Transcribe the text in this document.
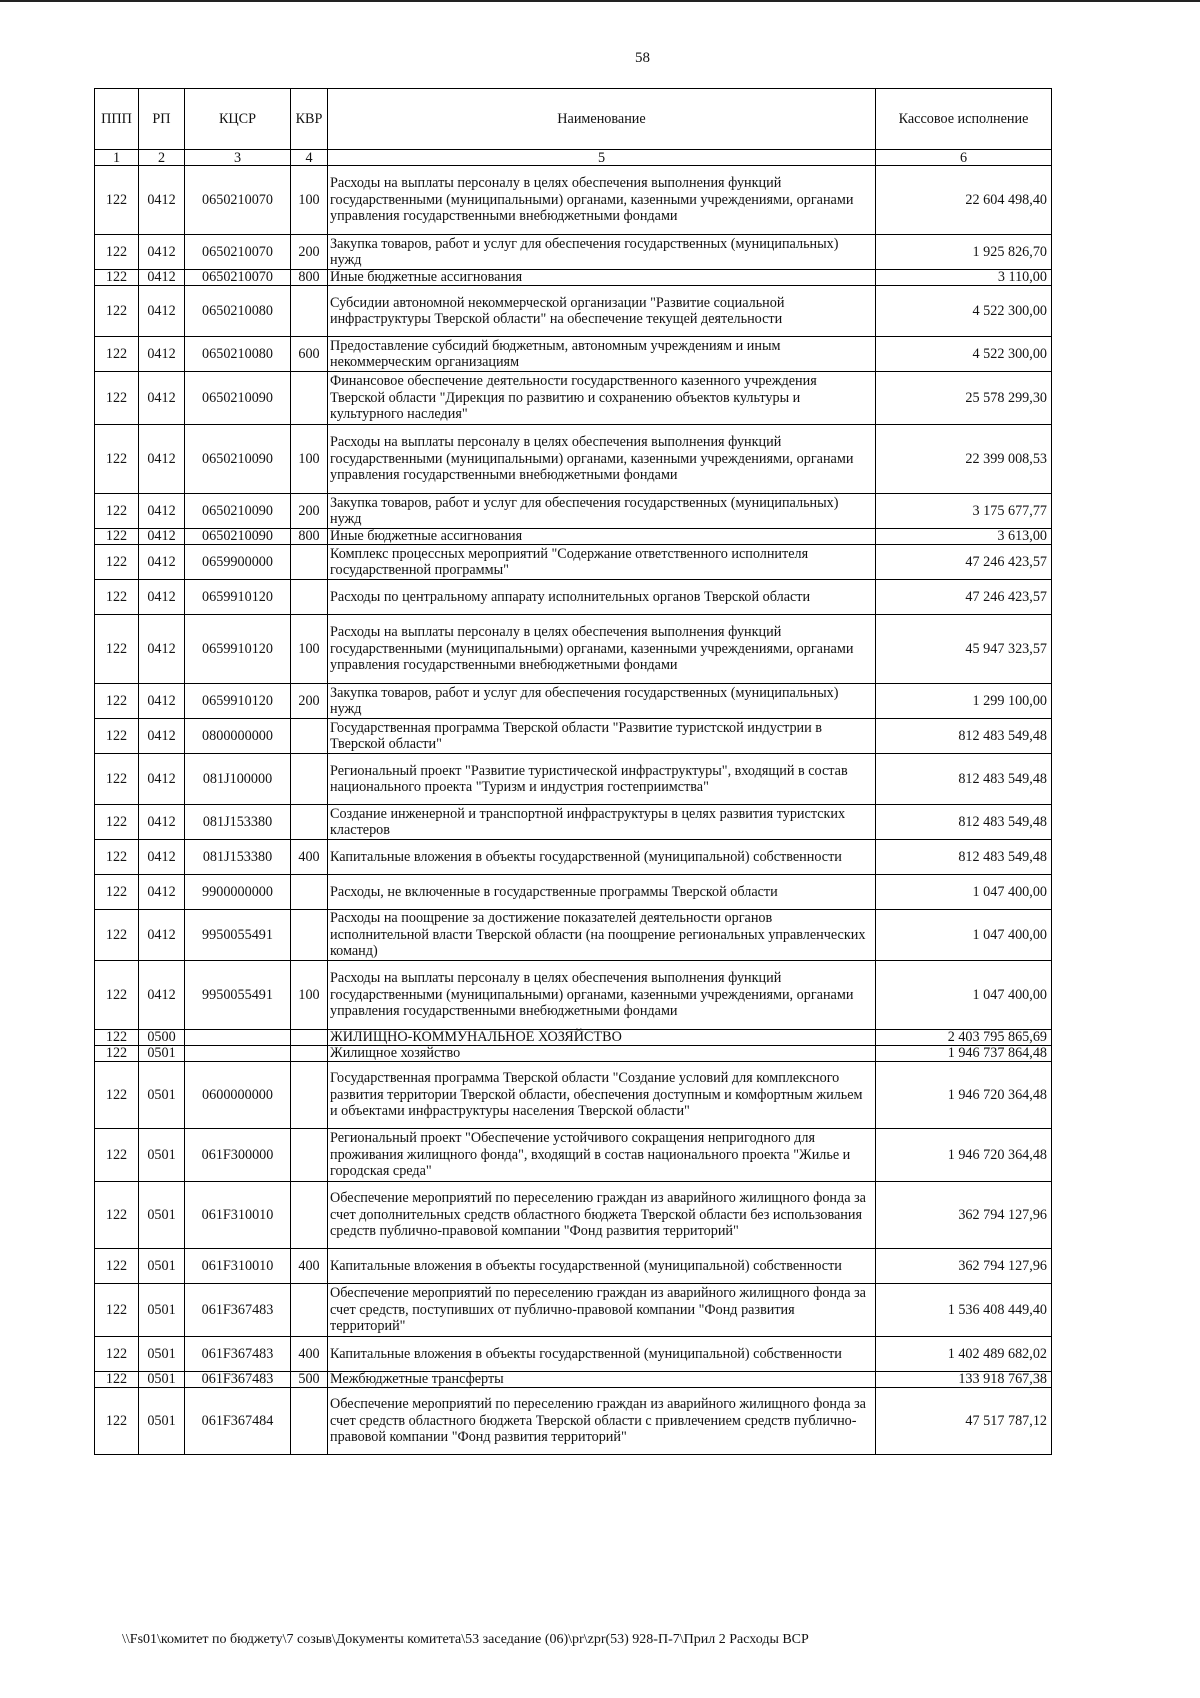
58
ППП	РП	КЦСР	КВР	Наименование	Кассовое исполнение
1	2	3	4	5	6
122	0412	0650210070	100	Расходы на выплаты персоналу в целях обеспечения выполнения функций государственными (муниципальными) органами, казенными учреждениями, органами управления государственными внебюджетными фондами	22 604 498,40
122	0412	0650210070	200	Закупка товаров, работ и услуг для обеспечения государственных (муниципальных) нужд	1 925 826,70
122	0412	0650210070	800	Иные бюджетные ассигнования	3 110,00
122	0412	0650210080		Субсидии автономной некоммерческой организации "Развитие социальной инфраструктуры Тверской области" на обеспечение текущей деятельности	4 522 300,00
122	0412	0650210080	600	Предоставление субсидий бюджетным, автономным учреждениям и иным некоммерческим организациям	4 522 300,00
122	0412	0650210090		Финансовое обеспечение деятельности государственного казенного учреждения Тверской области "Дирекция по развитию и сохранению объектов культуры и культурного наследия"	25 578 299,30
122	0412	0650210090	100	Расходы на выплаты персоналу в целях обеспечения выполнения функций государственными (муниципальными) органами, казенными учреждениями, органами управления государственными внебюджетными фондами	22 399 008,53
122	0412	0650210090	200	Закупка товаров, работ и услуг для обеспечения государственных (муниципальных) нужд	3 175 677,77
122	0412	0650210090	800	Иные бюджетные ассигнования	3 613,00
122	0412	0659900000		Комплекс процессных мероприятий "Содержание ответственного исполнителя государственной программы"	47 246 423,57
122	0412	0659910120		Расходы по центральному аппарату исполнительных органов Тверской области	47 246 423,57
122	0412	0659910120	100	Расходы на выплаты персоналу в целях обеспечения выполнения функций государственными (муниципальными) органами, казенными учреждениями, органами управления государственными внебюджетными фондами	45 947 323,57
122	0412	0659910120	200	Закупка товаров, работ и услуг для обеспечения государственных (муниципальных) нужд	1 299 100,00
122	0412	0800000000		Государственная программа Тверской области "Развитие туристской индустрии в Тверской области"	812 483 549,48
122	0412	081J100000		Региональный проект "Развитие туристической инфраструктуры", входящий в состав национального проекта "Туризм и индустрия гостеприимства"	812 483 549,48
122	0412	081J153380		Создание инженерной и транспортной инфраструктуры в целях развития туристских кластеров	812 483 549,48
122	0412	081J153380	400	Капитальные вложения в объекты государственной (муниципальной) собственности	812 483 549,48
122	0412	9900000000		Расходы, не включенные в государственные программы Тверской области	1 047 400,00
122	0412	9950055491		Расходы на поощрение за достижение показателей деятельности органов исполнительной власти Тверской области (на поощрение региональных управленческих команд)	1 047 400,00
122	0412	9950055491	100	Расходы на выплаты персоналу в целях обеспечения выполнения функций государственными (муниципальными) органами, казенными учреждениями, органами управления государственными внебюджетными фондами	1 047 400,00
122	0500			ЖИЛИЩНО-КОММУНАЛЬНОЕ ХОЗЯЙСТВО	2 403 795 865,69
122	0501			Жилищное хозяйство	1 946 737 864,48
122	0501	0600000000		Государственная программа Тверской области "Создание условий для комплексного развития территории Тверской области, обеспечения доступным и комфортным жильем и объектами инфраструктуры населения Тверской области"	1 946 720 364,48
122	0501	061F300000		Региональный проект "Обеспечение устойчивого сокращения непригодного для проживания жилищного фонда", входящий в состав национального проекта "Жилье и городская среда"	1 946 720 364,48
122	0501	061F310010		Обеспечение мероприятий по переселению граждан из аварийного жилищного фонда за счет дополнительных средств областного бюджета Тверской области без использования средств публично-правовой компании "Фонд развития территорий"	362 794 127,96
122	0501	061F310010	400	Капитальные вложения в объекты государственной (муниципальной) собственности	362 794 127,96
122	0501	061F367483		Обеспечение мероприятий по переселению граждан из аварийного жилищного фонда за счет средств, поступивших от публично-правовой компании "Фонд развития территорий"	1 536 408 449,40
122	0501	061F367483	400	Капитальные вложения в объекты государственной (муниципальной) собственности	1 402 489 682,02
122	0501	061F367483	500	Межбюджетные трансферты	133 918 767,38
122	0501	061F367484		Обеспечение мероприятий по переселению граждан из аварийного жилищного фонда за счет средств областного бюджета Тверской области с привлечением средств публично-правовой компании "Фонд развития территорий"	47 517 787,12
\\Fs01\комитет по бюджету\7 созыв\Документы комитета\53 заседание (06)\pr\zpr(53) 928-П-7\Прил 2 Расходы ВСР
